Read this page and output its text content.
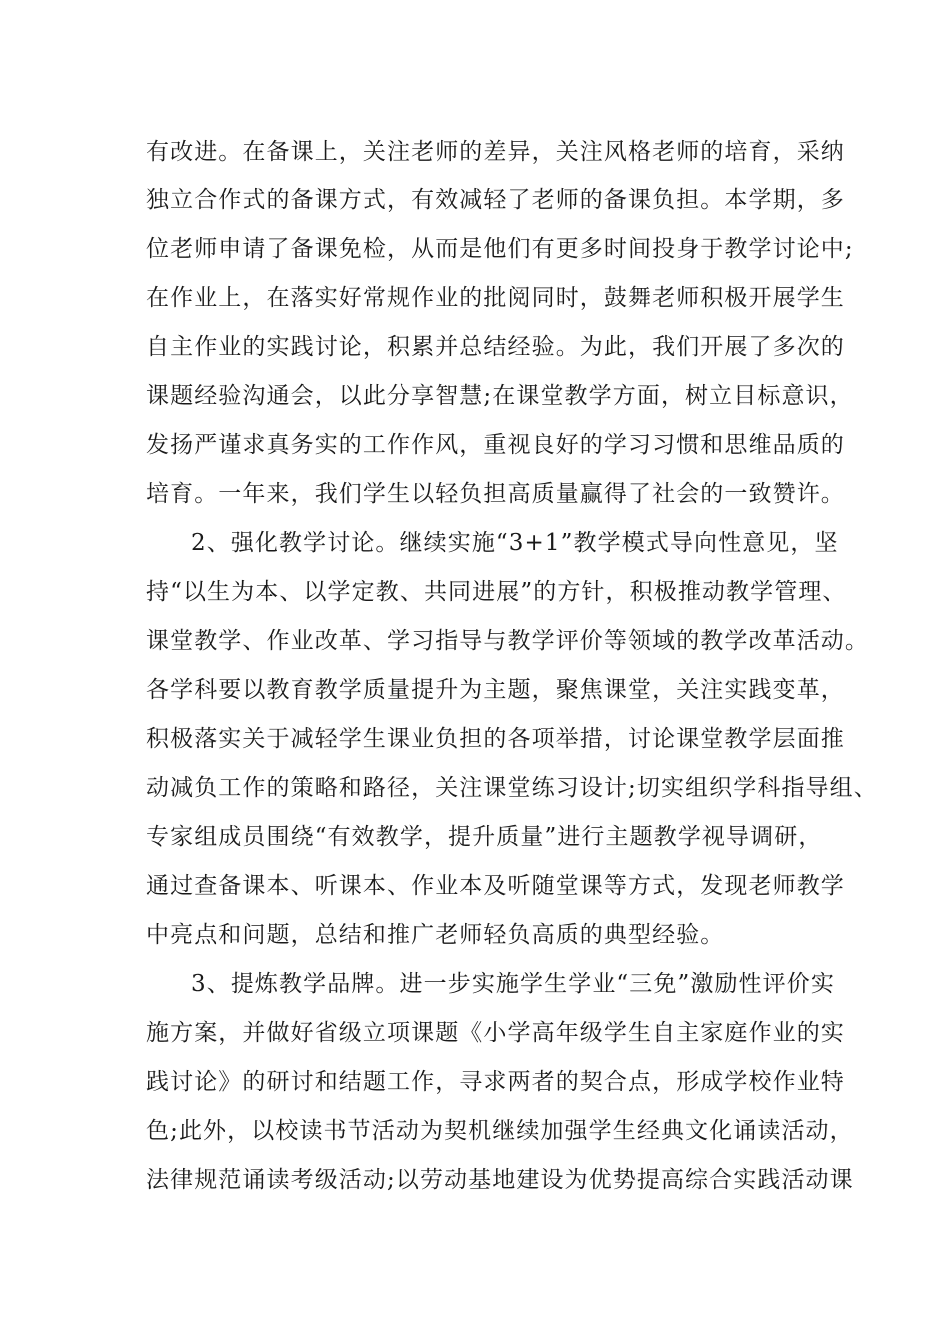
有改进。在备课上，关注老师的差异，关注风格老师的培育，采纳
独立合作式的备课方式，有效减轻了老师的备课负担。本学期，多
位老师申请了备课免检，从而是他们有更多时间投身于教学讨论中;
在作业上，在落实好常规作业的批阅同时，鼓舞老师积极开展学生
自主作业的实践讨论，积累并总结经验。为此，我们开展了多次的
课题经验沟通会，以此分享智慧;在课堂教学方面，树立目标意识，
发扬严谨求真务实的工作作风，重视良好的学习习惯和思维品质的
培育。一年来，我们学生以轻负担高质量赢得了社会的一致赞许。
2、强化教学讨论。继续实施“3+1”教学模式导向性意见，坚
持“以生为本、以学定教、共同进展”的方针，积极推动教学管理、
课堂教学、作业改革、学习指导与教学评价等领域的教学改革活动。
各学科要以教育教学质量提升为主题，聚焦课堂，关注实践变革，
积极落实关于减轻学生课业负担的各项举措，讨论课堂教学层面推
动减负工作的策略和路径，关注课堂练习设计;切实组织学科指导组、
专家组成员围绕“有效教学，提升质量”进行主题教学视导调研，
通过查备课本、听课本、作业本及听随堂课等方式，发现老师教学
中亮点和问题，总结和推广老师轻负高质的典型经验。
3、提炼教学品牌。进一步实施学生学业“三免”激励性评价实
施方案，并做好省级立项课题《小学高年级学生自主家庭作业的实
践讨论》的研讨和结题工作，寻求两者的契合点，形成学校作业特
色;此外，以校读书节活动为契机继续加强学生经典文化诵读活动，
法律规范诵读考级活动;以劳动基地建设为优势提高综合实践活动课
